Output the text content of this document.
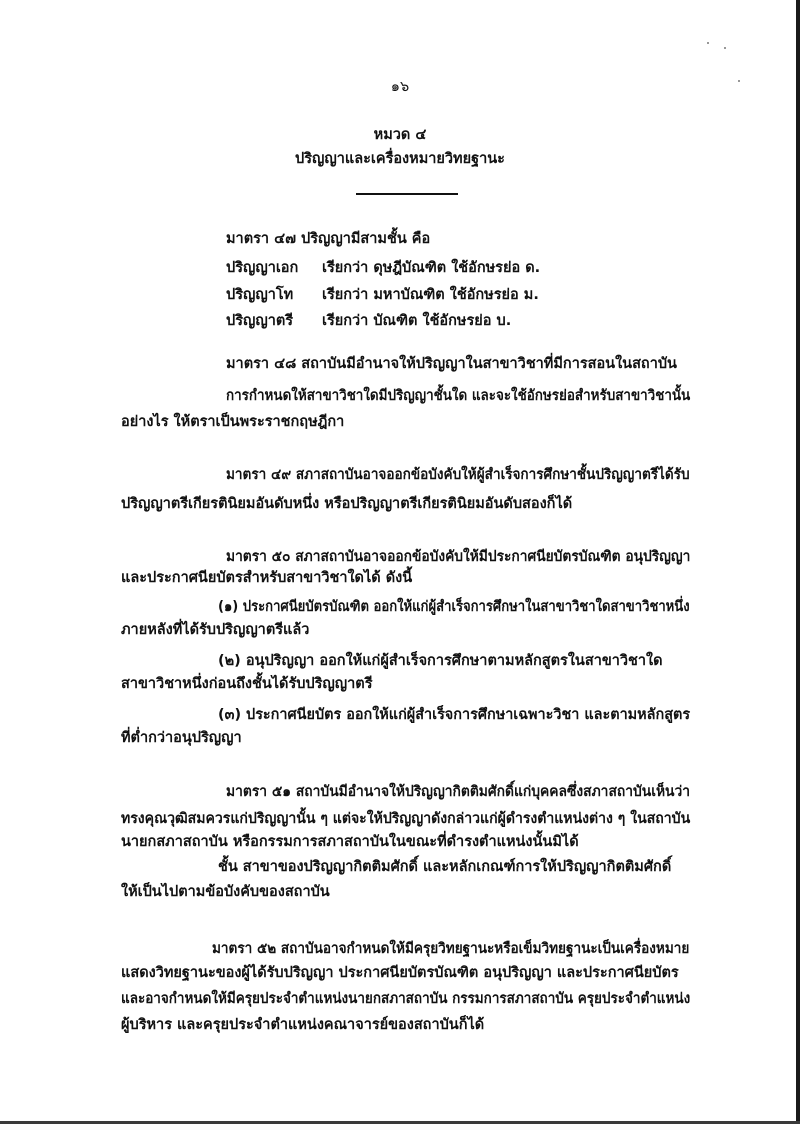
๑๖
หมวด ๔
ปริญญาและเครื่องหมายวิทยฐานะ
มาตรา ๔๗ ปริญญามีสามชั้น คือ
ปริญญาเอก เรียกว่า ดุษฎีบัณฑิต ใช้อักษรย่อ ด.
ปริญญาโท เรียกว่า มหาบัณฑิต ใช้อักษรย่อ ม.
ปริญญาตรี เรียกว่า บัณฑิต ใช้อักษรย่อ บ.
มาตรา ๔๘ สถาบันมีอำนาจให้ปริญญาในสาขาวิชาที่มีการสอนในสถาบัน
การกำหนดให้สาขาวิชาใดมีปริญญาชั้นใด และจะใช้อักษรย่อสำหรับสาขาวิชานั้น
อย่างไร ให้ตราเป็นพระราชกฤษฎีกา
มาตรา ๔๙ สภาสถาบันอาจออกข้อบังคับให้ผู้สำเร็จการศึกษาชั้นปริญญาตรีได้รับ
ปริญญาตรีเกียรตินิยมอันดับหนึ่ง หรือปริญญาตรีเกียรตินิยมอันดับสองก็ได้
มาตรา ๕๐ สภาสถาบันอาจออกข้อบังคับให้มีประกาศนียบัตรบัณฑิต อนุปริญญา
และประกาศนียบัตรสำหรับสาขาวิชาใดได้ ดังนี้
(๑) ประกาศนียบัตรบัณฑิต ออกให้แก่ผู้สำเร็จการศึกษาในสาขาวิชาใดสาขาวิชาหนึ่ง
ภายหลังที่ได้รับปริญญาตรีแล้ว
(๒) อนุปริญญา ออกให้แก่ผู้สำเร็จการศึกษาตามหลักสูตรในสาขาวิชาใด
สาขาวิชาหนึ่งก่อนถึงชั้นได้รับปริญญาตรี
(๓) ประกาศนียบัตร ออกให้แก่ผู้สำเร็จการศึกษาเฉพาะวิชา และตามหลักสูตร
ที่ต่ำกว่าอนุปริญญา
มาตรา ๕๑ สถาบันมีอำนาจให้ปริญญากิตติมศักดิ์แก่บุคคลซึ่งสภาสถาบันเห็นว่า
ทรงคุณวุฒิสมควรแก่ปริญญานั้น ๆ แต่จะให้ปริญญาดังกล่าวแก่ผู้ดำรงตำแหน่งต่าง ๆ ในสถาบัน
นายกสภาสถาบัน หรือกรรมการสภาสถาบันในขณะที่ดำรงตำแหน่งนั้นมิได้
ชั้น สาขาของปริญญากิตติมศักดิ์ และหลักเกณฑ์การให้ปริญญากิตติมศักดิ์
ให้เป็นไปตามข้อบังคับของสถาบัน
มาตรา ๕๒ สถาบันอาจกำหนดให้มีครุยวิทยฐานะหรือเข็มวิทยฐานะเป็นเครื่องหมาย
แสดงวิทยฐานะของผู้ได้รับปริญญา ประกาศนียบัตรบัณฑิต อนุปริญญา และประกาศนียบัตร
และอาจกำหนดให้มีครุยประจำตำแหน่งนายกสภาสถาบัน กรรมการสภาสถาบัน ครุยประจำตำแหน่ง
ผู้บริหาร และครุยประจำตำแหน่งคณาจารย์ของสถาบันก็ได้
